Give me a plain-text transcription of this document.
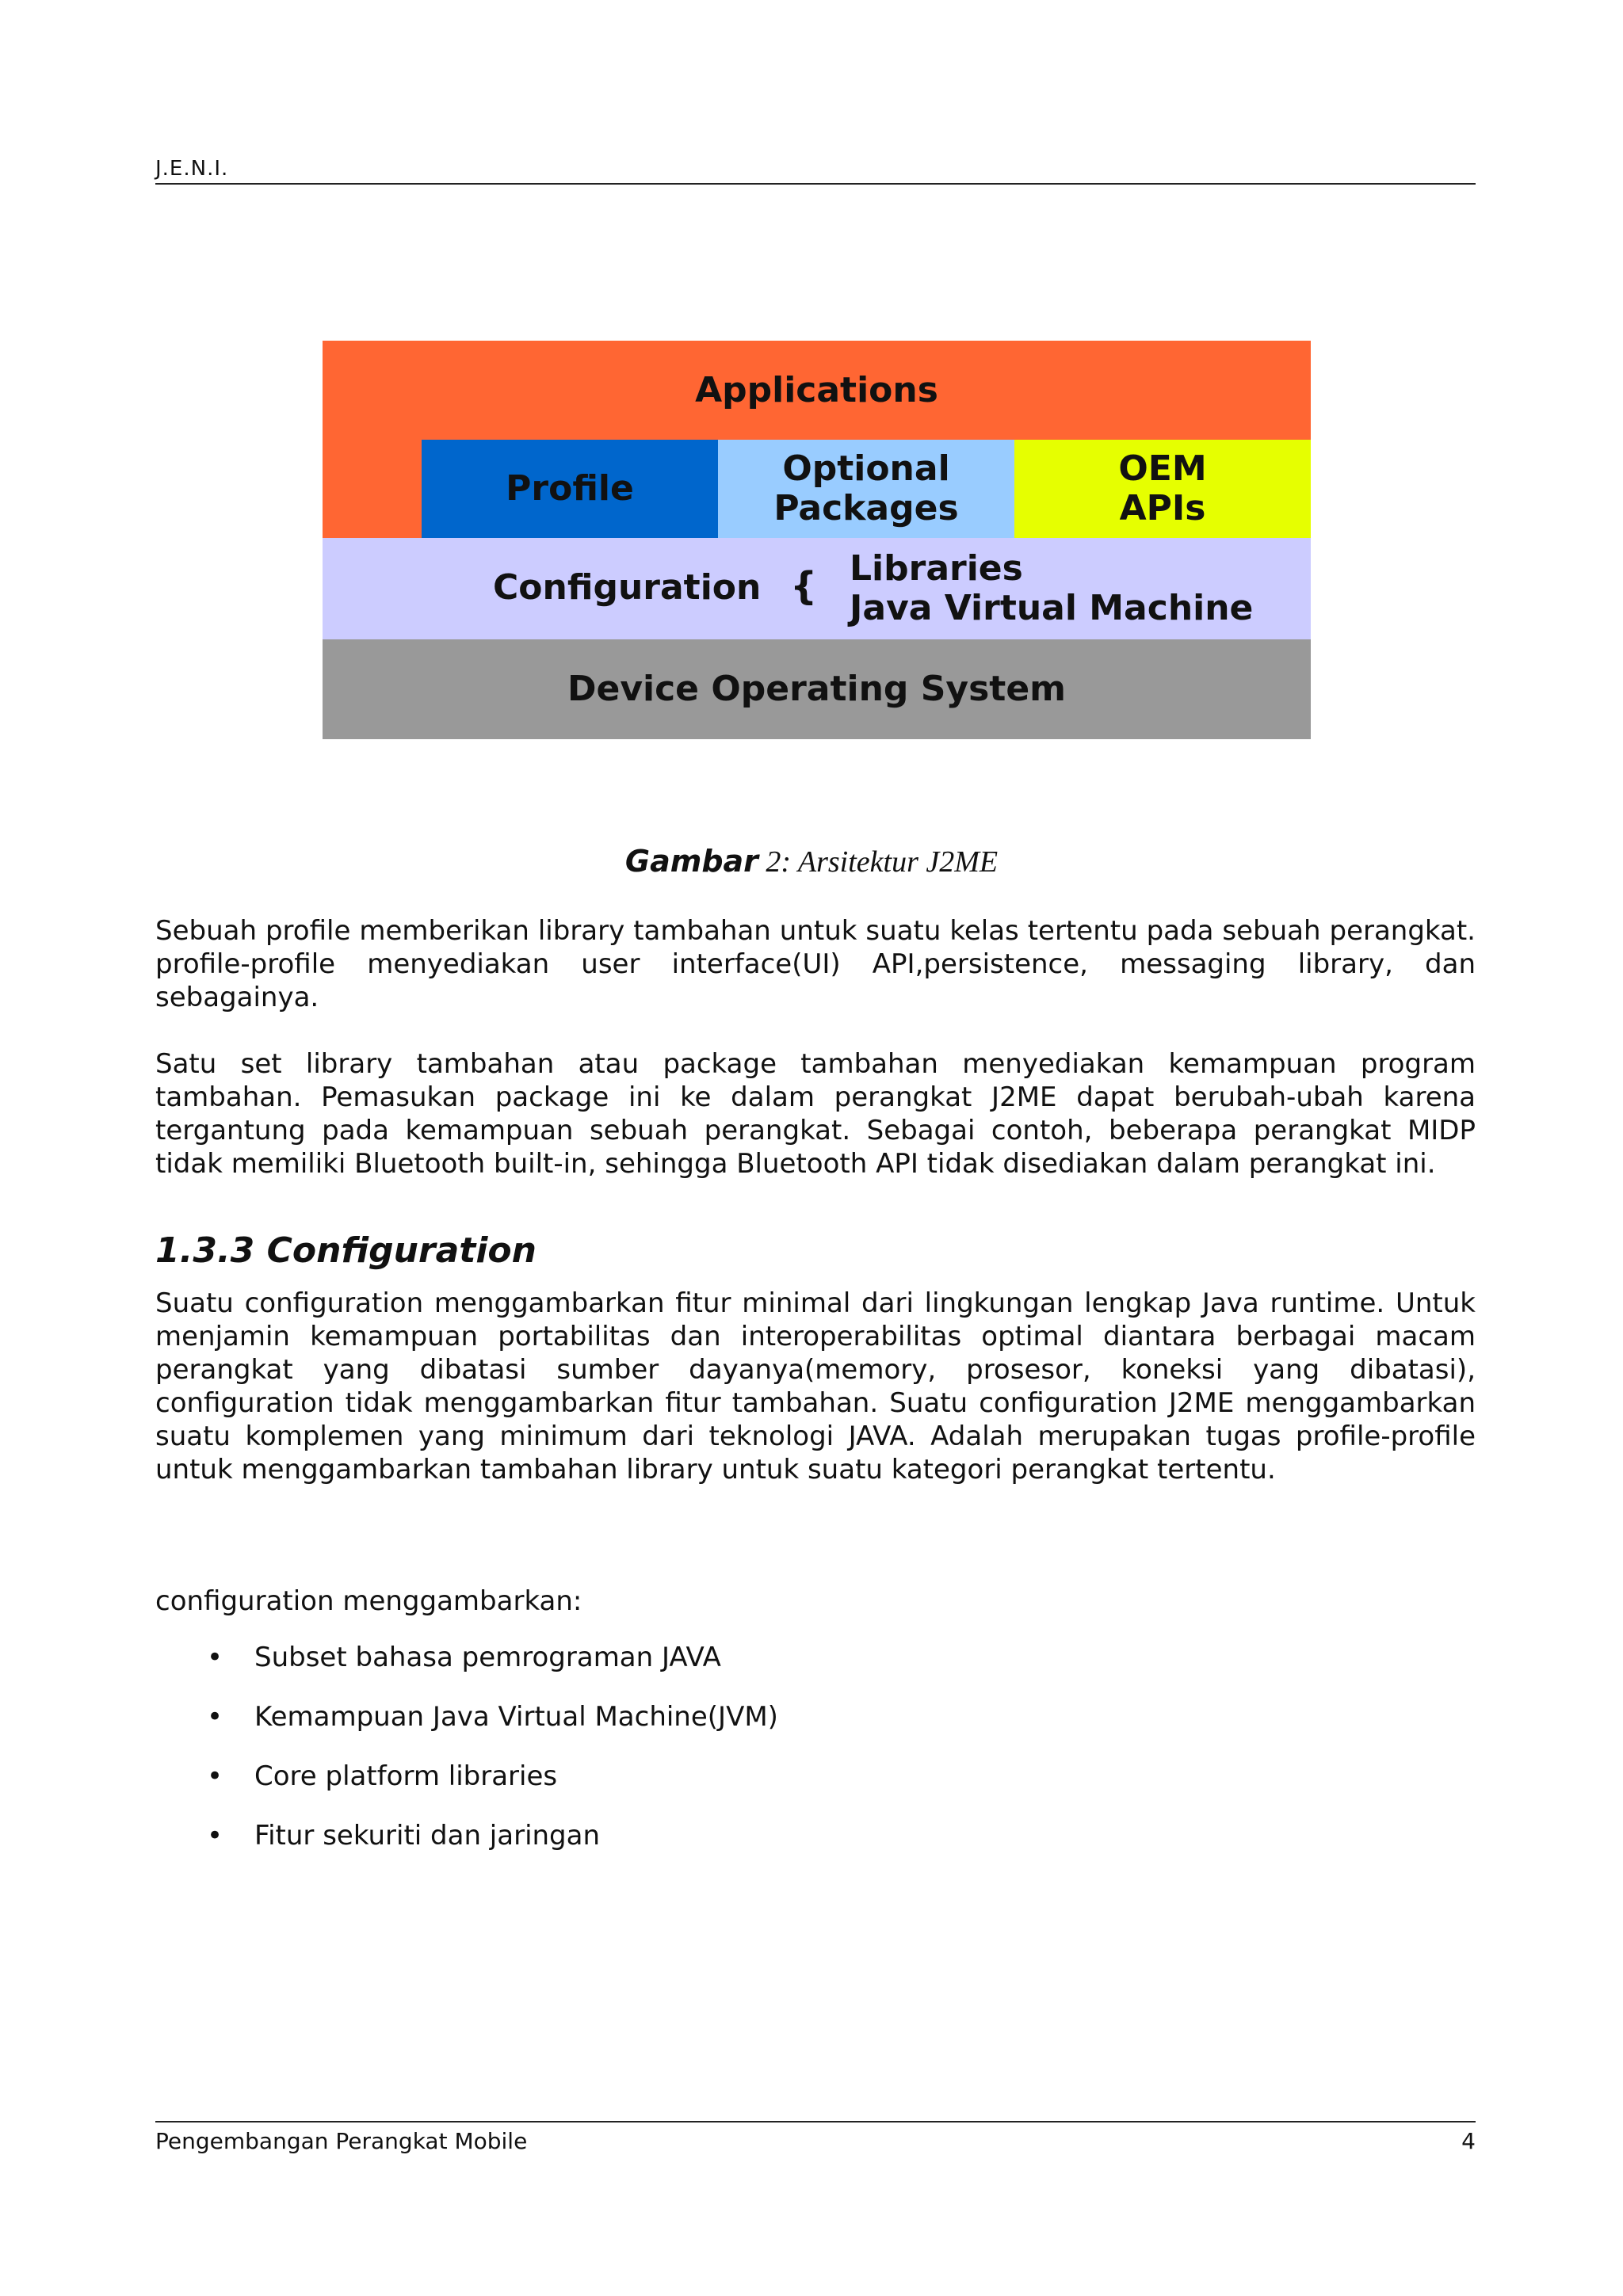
J.E.N.I.
Applications
Profile	Optional
Packages
OEM
APIs
Configuration { Libraries
Java Virtual Machine
Device Operating System
Gambar 2: Arsitektur J2ME

Sebuah profile memberikan library tambahan untuk suatu kelas tertentu pada sebuah perangkat. profile-profile menyediakan user interface(UI) API,persistence, messaging library, dan sebagainya.

Satu set library tambahan atau package tambahan menyediakan kemampuan program tambahan. Pemasukan package ini ke dalam perangkat J2ME dapat berubah-ubah karena tergantung pada kemampuan sebuah perangkat. Sebagai contoh, beberapa perangkat MIDP tidak memiliki Bluetooth built-in, sehingga Bluetooth API tidak disediakan dalam perangkat ini.

1.3.3 Configuration

Suatu configuration menggambarkan fitur minimal dari lingkungan lengkap Java runtime. Untuk menjamin kemampuan portabilitas dan interoperabilitas optimal diantara berbagai macam perangkat yang dibatasi sumber dayanya(memory, prosesor, koneksi yang dibatasi), configuration tidak menggambarkan fitur tambahan. Suatu configuration J2ME menggambarkan suatu komplemen yang minimum dari teknologi JAVA. Adalah merupakan tugas profile-profile untuk menggambarkan tambahan library untuk suatu kategori perangkat tertentu.

configuration menggambarkan:

• Subset bahasa pemrograman JAVA
• Kemampuan Java Virtual Machine(JVM)
• Core platform libraries
• Fitur sekuriti dan jaringan
Pengembangan Perangkat Mobile	4
